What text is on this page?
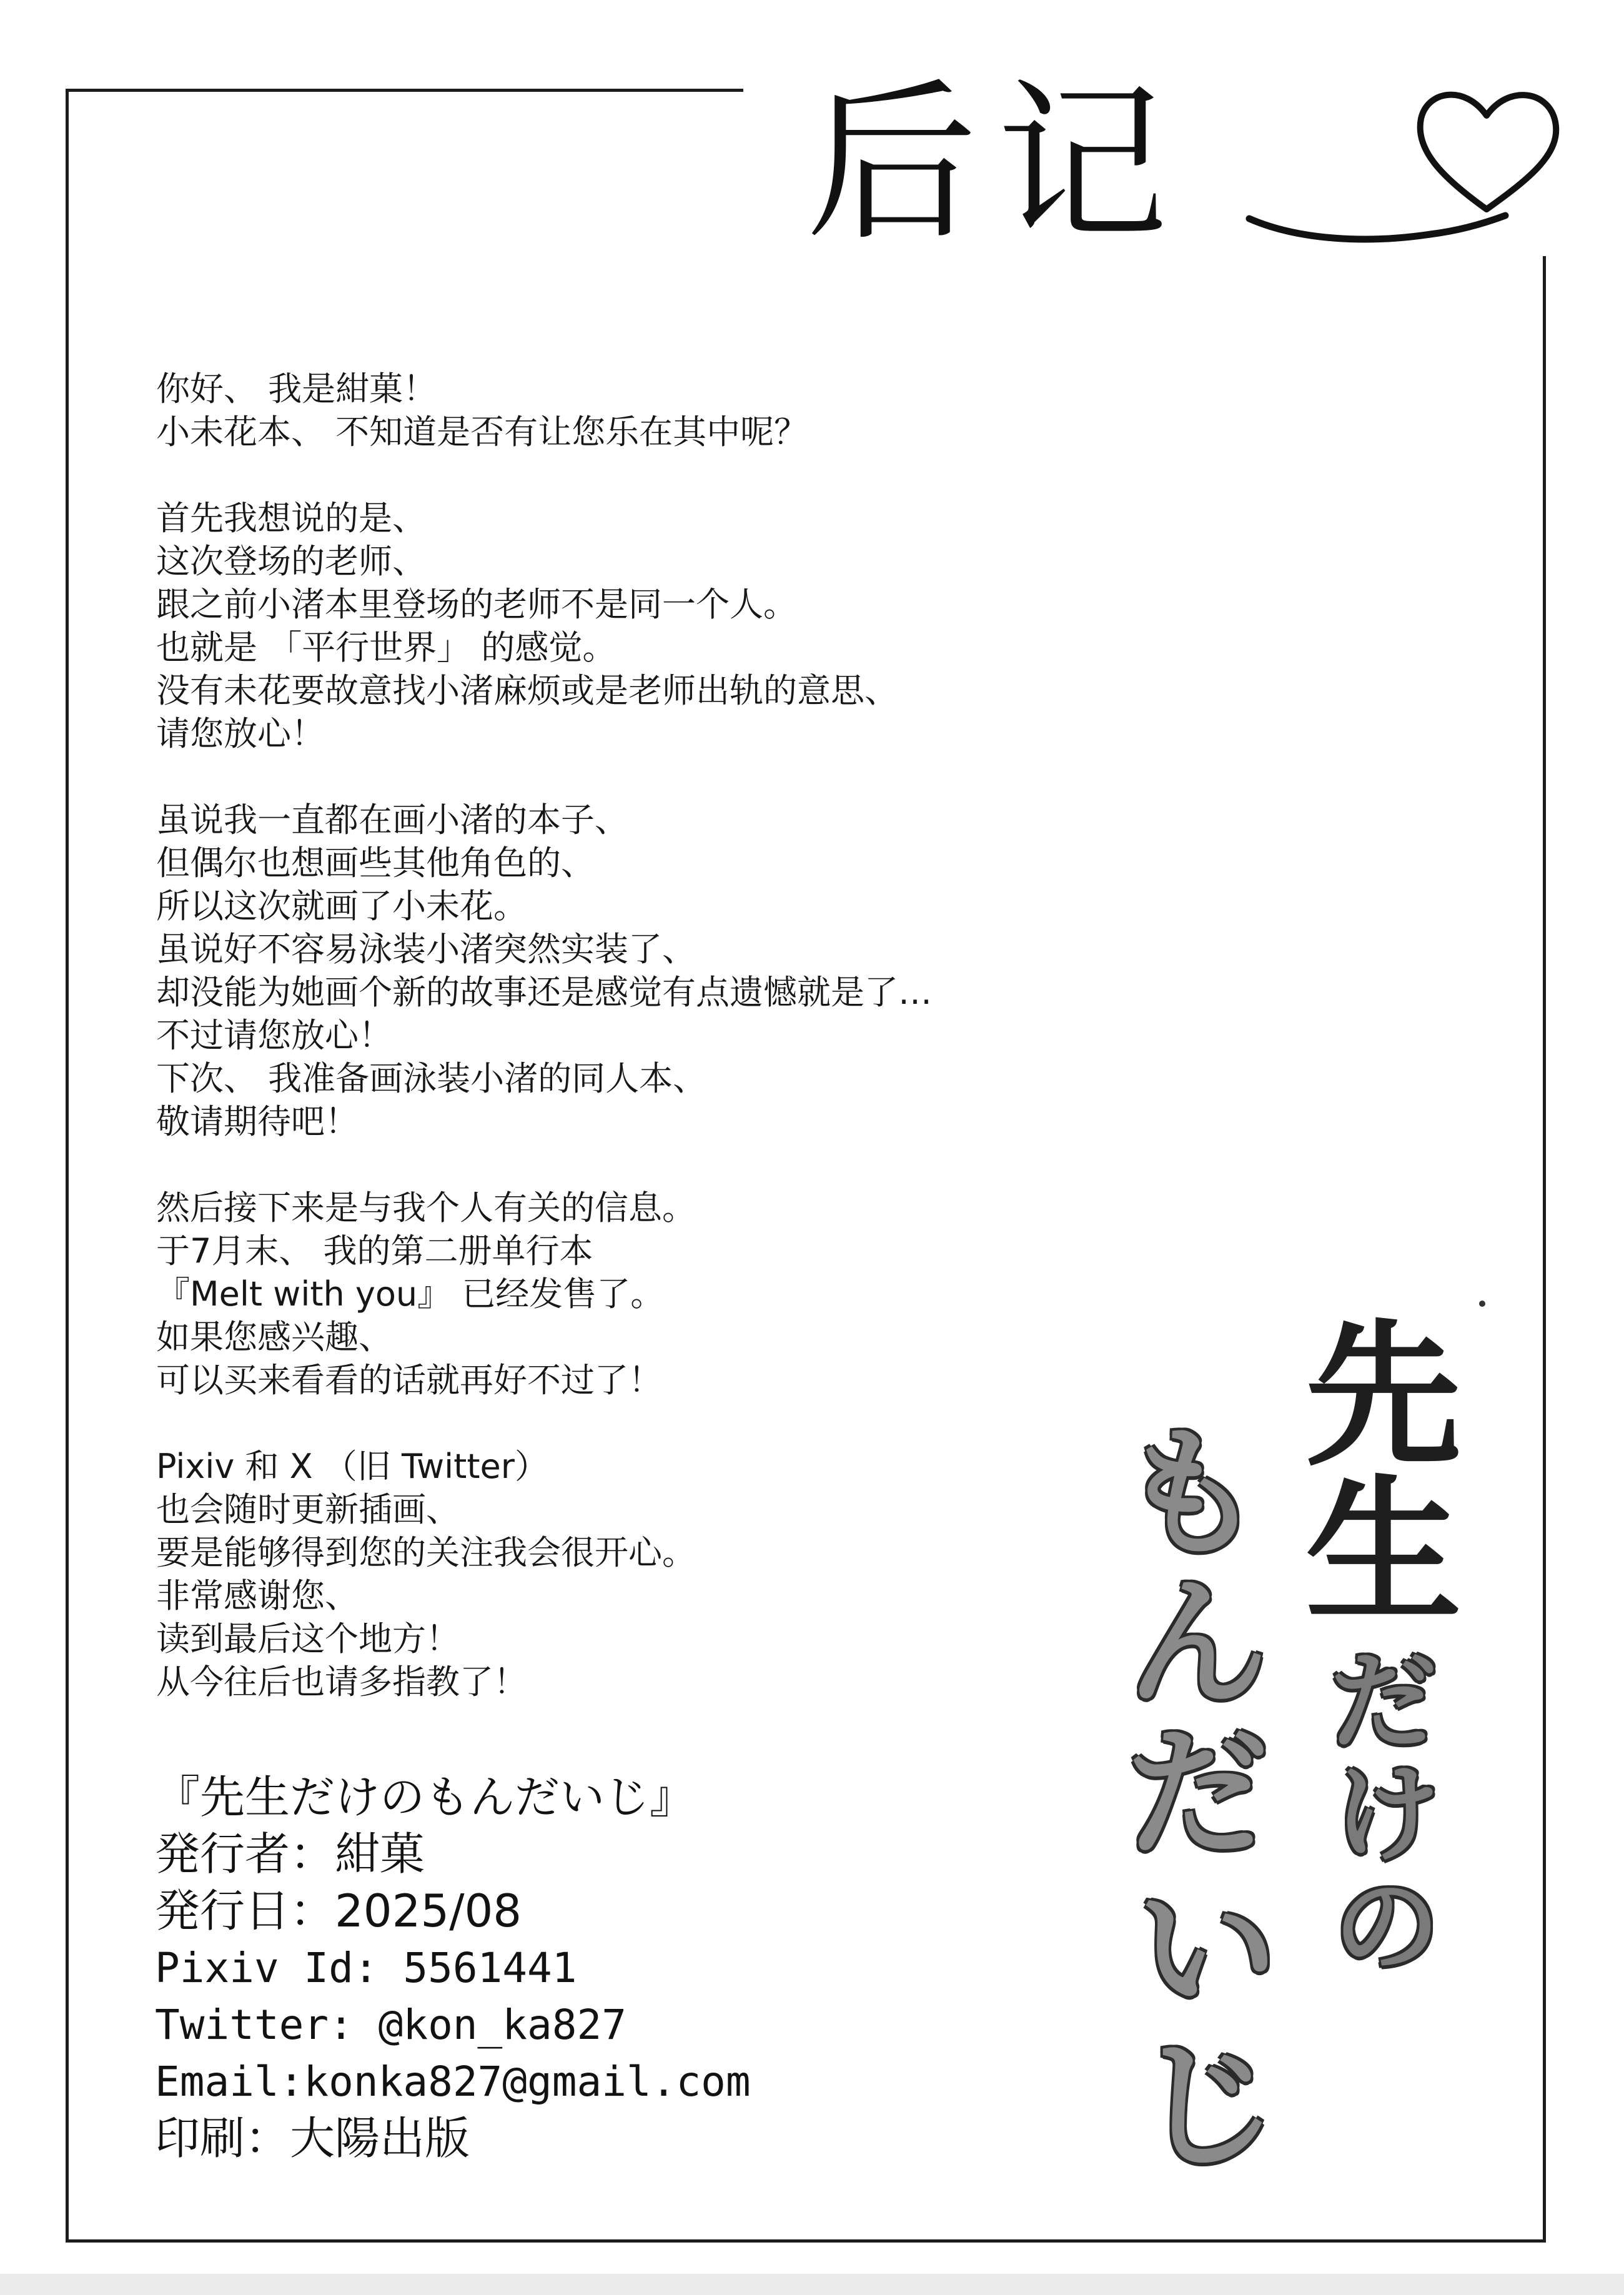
后记
你好、 我是紺菓！
小未花本、 不知道是否有让您乐在其中呢？
首先我想说的是、
这次登场的老师、
跟之前小渚本里登场的老师不是同一个人。
也就是 「平行世界」 的感觉。
没有未花要故意找小渚麻烦或是老师出轨的意思、
请您放心！
虽说我一直都在画小渚的本子、
但偶尔也想画些其他角色的、
所以这次就画了小未花。
虽说好不容易泳装小渚突然实装了、
却没能为她画个新的故事还是感觉有点遗憾就是了…
不过请您放心！
下次、 我准备画泳装小渚的同人本、
敬请期待吧！
然后接下来是与我个人有关的信息。
于7月末、 我的第二册单行本
『Melt with you』 已经发售了。
如果您感兴趣、
可以买来看看的话就再好不过了！
Pixiv 和 X （旧 Twitter）
也会随时更新插画、
要是能够得到您的关注我会很开心。
非常感谢您、
读到最后这个地方！
从今往后也请多指教了！
『先生だけのもんだいじ』
発行者：紺菓
発行日：2025/08
Pixiv Id: 5561441
Twitter: @kon_ka827
Email:konka827@gmail.com
印刷：大陽出版
先
生
も
ん だ
け
の
だ
い
じ
